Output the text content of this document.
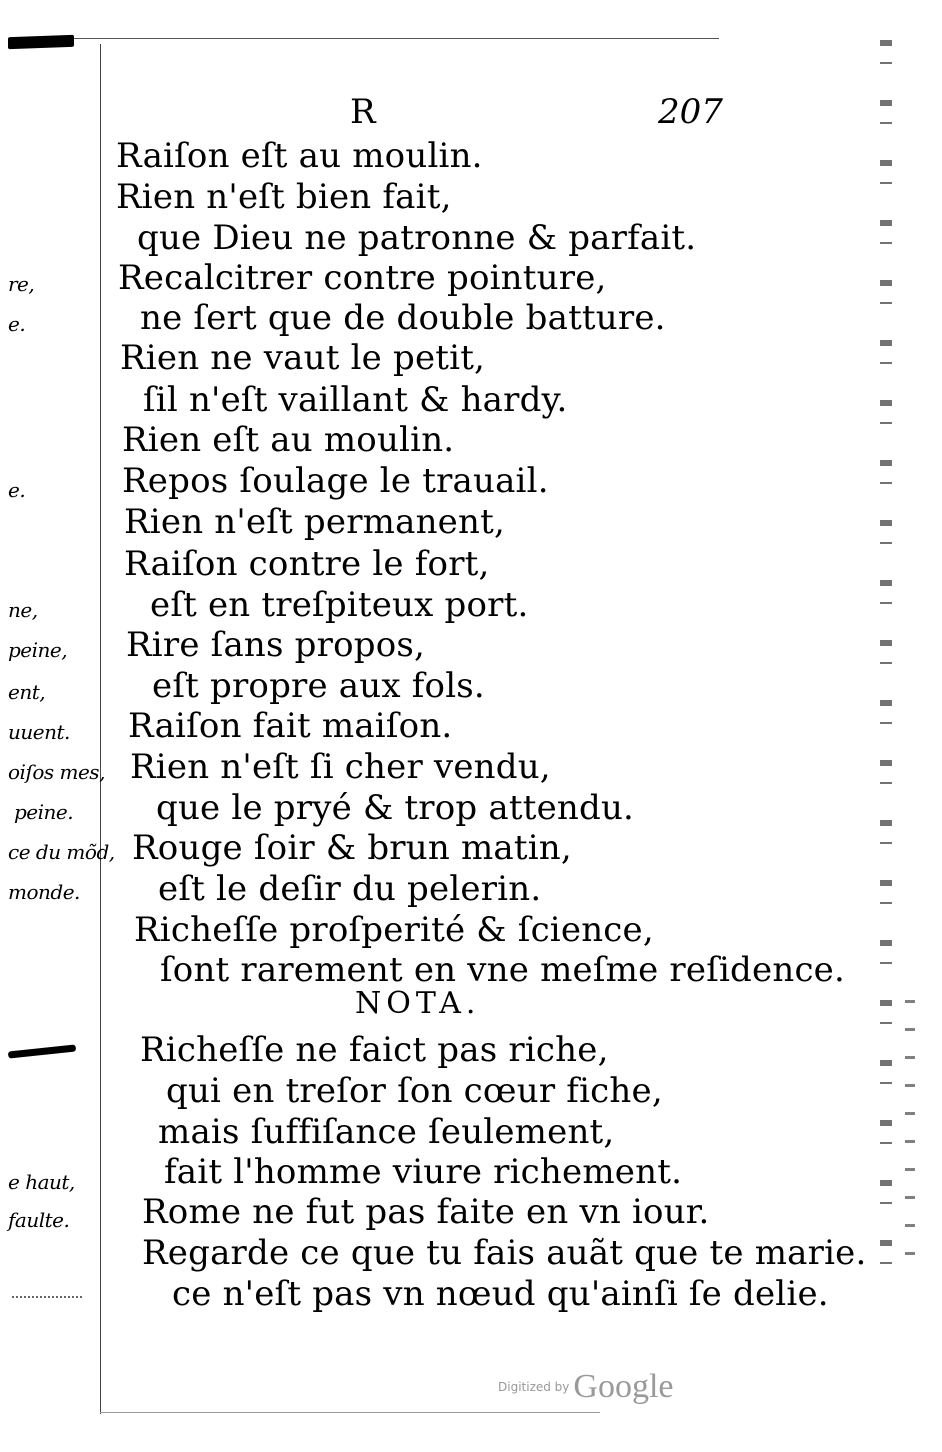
R	207
Raiſon eſt au moulin.
Rien n'eſt bien fait,
que Dieu ne patronne & parfait.
Recalcitrer contre pointure,
ne ſert que de double batture.
Rien ne vaut le petit,
ſil n'eſt vaillant & hardy.
Rien eſt au moulin.
Repos ſoulage le trauail.
Rien n'eſt permanent,
Raiſon contre le fort,
eſt en treſpiteux port.
Rire ſans propos,
eſt propre aux fols.
Raiſon fait maiſon.
Rien n'eſt ſi cher vendu,
que le pryé & trop attendu.
Rouge ſoir & brun matin,
eſt le deſir du pelerin.
Richeſſe proſperité & ſcience,
ſont rarement en vne meſme reſidence.
NOTA.
Richeſſe ne faict pas riche,
qui en treſor ſon cœur fiche,
mais ſuffiſance ſeulement,
fait l'homme viure richement.
Rome ne fut pas faite en vn iour.
Regarde ce que tu fais auãt que te marie.
ce n'eſt pas vn nœud qu'ainſi ſe delie.
re,
e.
e.
ne,
peine,
ent,
uuent.
oiſos mes,
peine.
ce du mõd,
monde.
e haut,
faulte.
Digitized by Google
